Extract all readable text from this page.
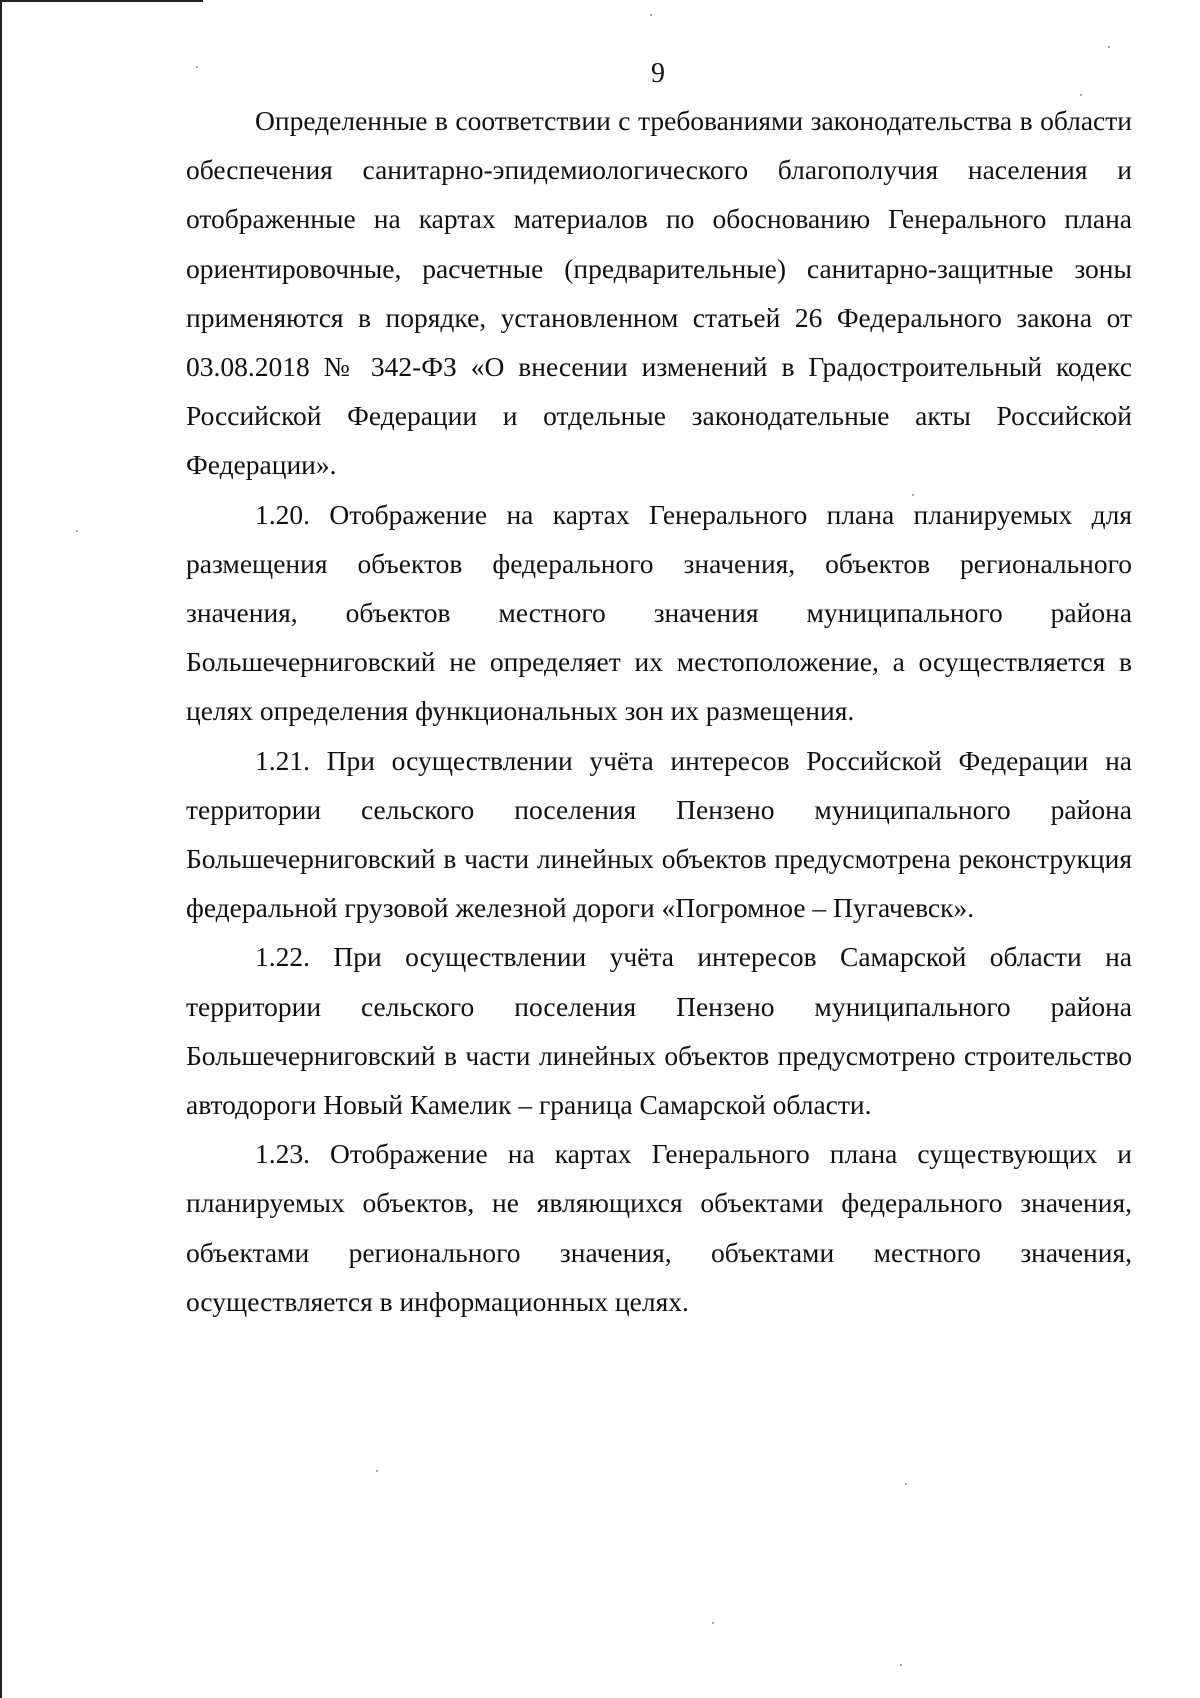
9

Определенные в соответствии с требованиями законодательства в области обеспечения санитарно-эпидемиологического благополучия населения и отображенные на картах материалов по обоснованию Генерального плана ориентировочные, расчетные (предварительные) санитарно-защитные зоны применяются в порядке, установленном статьей 26 Федерального закона от 03.08.2018 № 342-ФЗ «О внесении изменений в Градостроительный кодекс Российской Федерации и отдельные законодательные акты Российской Федерации».

1.20. Отображение на картах Генерального плана планируемых для размещения объектов федерального значения, объектов регионального значения, объектов местного значения муниципального района Большечерниговский не определяет их местоположение, а осуществляется в целях определения функциональных зон их размещения.

1.21. При осуществлении учёта интересов Российской Федерации на территории сельского поселения Пензено муниципального района Большечерниговский в части линейных объектов предусмотрена реконструкция федеральной грузовой железной дороги «Погромное – Пугачевск».

1.22. При осуществлении учёта интересов Самарской области на территории сельского поселения Пензено муниципального района Большечерниговский в части линейных объектов предусмотрено строительство автодороги Новый Камелик – граница Самарской области.

1.23. Отображение на картах Генерального плана существующих и планируемых объектов, не являющихся объектами федерального значения, объектами регионального значения, объектами местного значения, осуществляется в информационных целях.
